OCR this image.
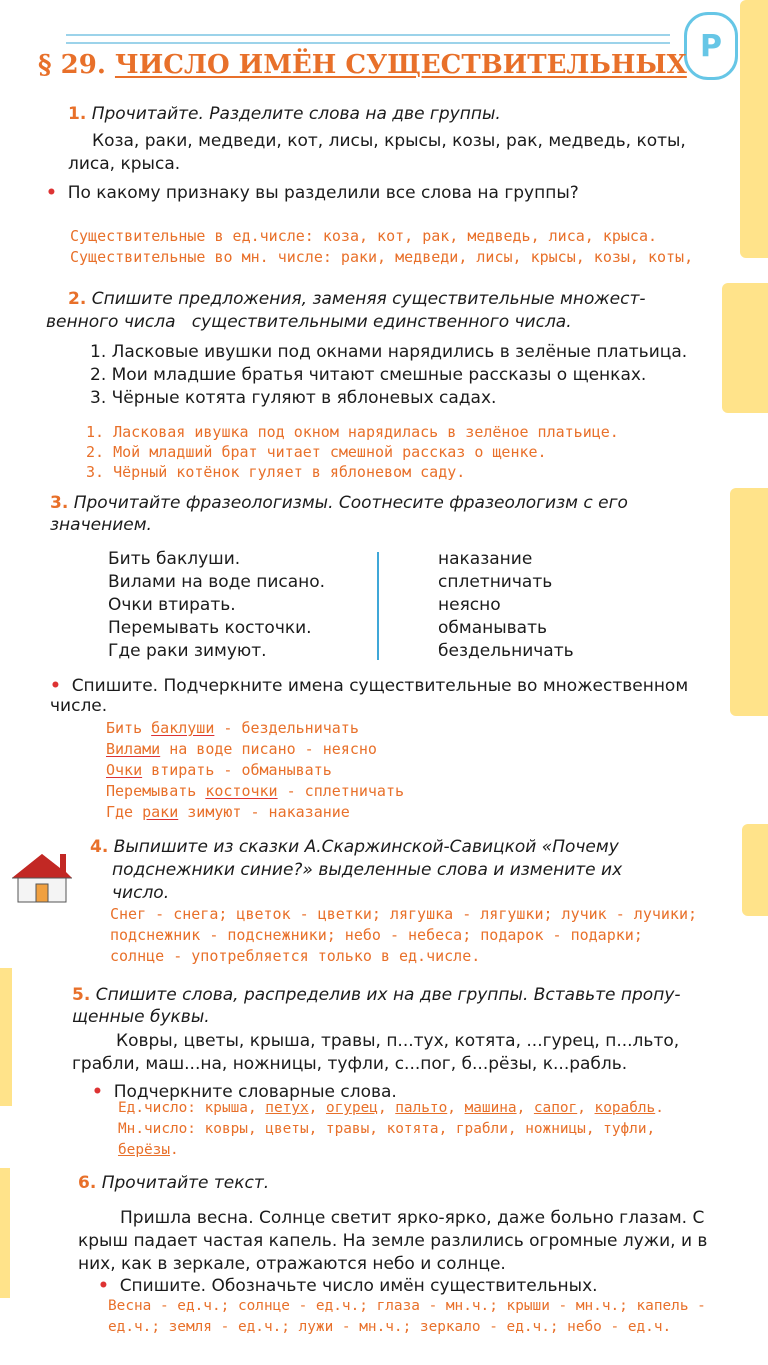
Р
§ 29. ЧИСЛО ИМЁН СУЩЕСТВИТЕЛЬНЫХ
1. Прочитайте. Разделите слова на две группы.
Коза, раки, медведи, кот, лисы, крысы, козы, рак, медведь, коты, лиса, крыса.
• По какому признаку вы разделили все слова на группы?
Существительные в ед.числе: коза, кот, рак, медведь, лиса, крыса.
Существительные во мн. числе: раки, медведи, лисы, крысы, козы, коты,
2. Спишите предложения, заменяя существительные множест-
венного числа   существительными единственного числа.
1. Ласковые ивушки под окнами нарядились в зелёные платьица.
2. Мои младшие братья читают смешные рассказы о щенках.
3. Чёрные котята гуляют в яблоневых садах.
1. Ласковая ивушка под окном нарядилась в зелёное платьице.
2. Мой младший брат читает смешной рассказ о щенке.
3. Чёрный котёнок гуляет в яблоневом саду.
3. Прочитайте фразеологизмы. Соотнесите фразеологизм с его
значением.
Бить баклуши.
Вилами на воде писано.
Очки втирать.
Перемывать косточки.
Где раки зимуют.
наказание
сплетничать
неясно
обманывать
бездельничать
• Спишите. Подчеркните имена существительные во множественном
числе.
Бить баклуши - бездельничать
Вилами на воде писано - неясно
Очки втирать - обманывать
Перемывать косточки - сплетничать
Где раки зимуют - наказание
4. Выпишите из сказки А.Скаржинской-Савицкой «Почему
подснежники синие?» выделенные слова и измените их
число.
Снег - снега; цветок - цветки; лягушка - лягушки; лучик - лучики;
подснежник - подснежники; небо - небеса; подарок - подарки;
солнце - употребляется только в ед.числе.
5. Спишите слова, распределив их на две группы. Вставьте пропу-
щенные буквы.
Ковры, цветы, крыша, травы, п...тух, котята, ...гурец, п...льто,
грабли, маш...на, ножницы, туфли, с...пог, б...рёзы, к...рабль.
• Подчеркните словарные слова.
Ед.число: крыша, петух, огурец, пальто, машина, сапог, корабль.
Мн.число: ковры, цветы, травы, котята, грабли, ножницы, туфли,
берёзы.
6. Прочитайте текст.
Пришла весна. Солнце светит ярко-ярко, даже больно глазам. С
крыш падает частая капель. На земле разлились огромные лужи, и в
них, как в зеркале, отражаются небо и солнце.
• Спишите. Обозначьте число имён существительных.
Весна - ед.ч.; солнце - ед.ч.; глаза - мн.ч.; крыши - мн.ч.; капель -
ед.ч.; земля - ед.ч.; лужи - мн.ч.; зеркало - ед.ч.; небо - ед.ч.
